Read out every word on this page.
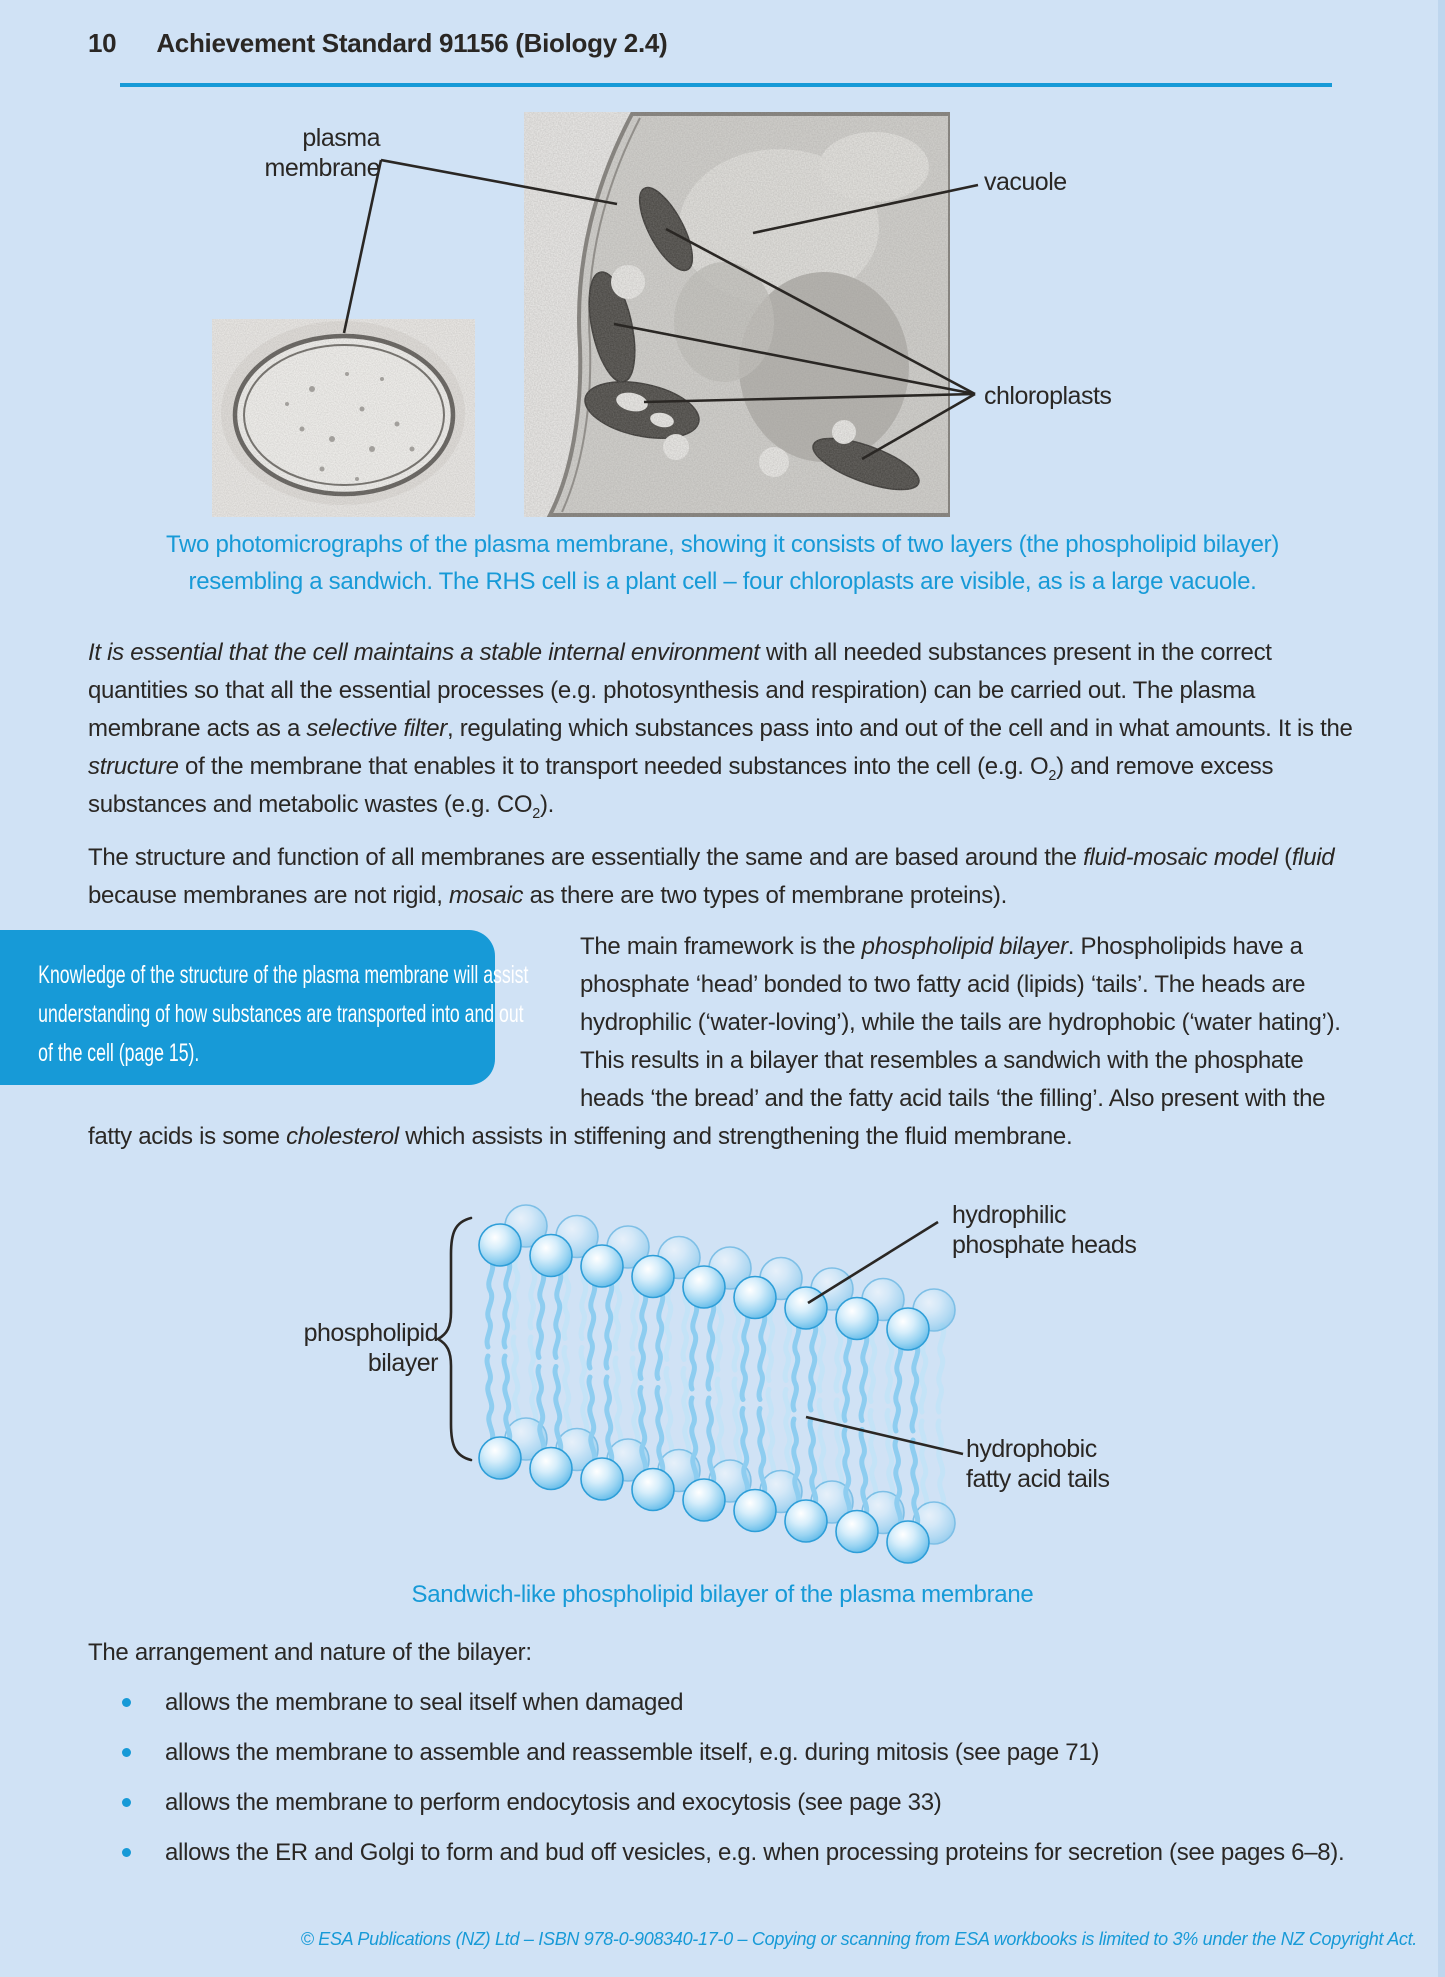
10 Achievement Standard 91156 (Biology 2.4)
plasma membrane	vacuole
chloroplasts
Two photomicrographs of the plasma membrane, showing it consists of two layers (the phospholipid bilayer) resembling a sandwich. The RHS cell is a plant cell – four chloroplasts are visible, as is a large vacuole.

It is essential that the cell maintains a stable internal environment with all needed substances present in the correct quantities so that all the essential processes (e.g. photosynthesis and respiration) can be carried out. The plasma membrane acts as a selective filter, regulating which substances pass into and out of the cell and in what amounts. It is the structure of the membrane that enables it to transport needed substances into the cell (e.g. $O_2$) and remove excess substances and metabolic wastes (e.g. $CO_2$).

The structure and function of all membranes are essentially the same and are based around the fluid-mosaic model (fluid because membranes are not rigid, mosaic as there are two types of membrane proteins).

Knowledge of the structure of the plasma membrane will assist understanding of how substances are transported into and out of the cell (page 15).

The main framework is the phospholipid bilayer. Phospholipids have a phosphate ‘head’ bonded to two fatty acid (lipids) ‘tails’. The heads are hydrophilic (‘water-loving’), while the tails are hydrophobic (‘water hating’). This results in a bilayer that resembles a sandwich with the phosphate heads ‘the bread’ and the fatty acid tails ‘the filling’. Also present with the fatty acids is some cholesterol which assists in stiffening and strengthening the fluid membrane.

phospholipid bilayer
hydrophilic phosphate heads
hydrophobic fatty acid tails
Sandwich-like phospholipid bilayer of the plasma membrane

The arrangement and nature of the bilayer:

allows the membrane to seal itself when damaged
allows the membrane to assemble and reassemble itself, e.g. during mitosis (see page 71)
allows the membrane to perform endocytosis and exocytosis (see page 33)
allows the ER and Golgi to form and bud off vesicles, e.g. when processing proteins for secretion (see pages 6–8).
© ESA Publications (NZ) Ltd – ISBN 978-0-908340-17-0 – Copying or scanning from ESA workbooks is limited to 3% under the NZ Copyright Act.
